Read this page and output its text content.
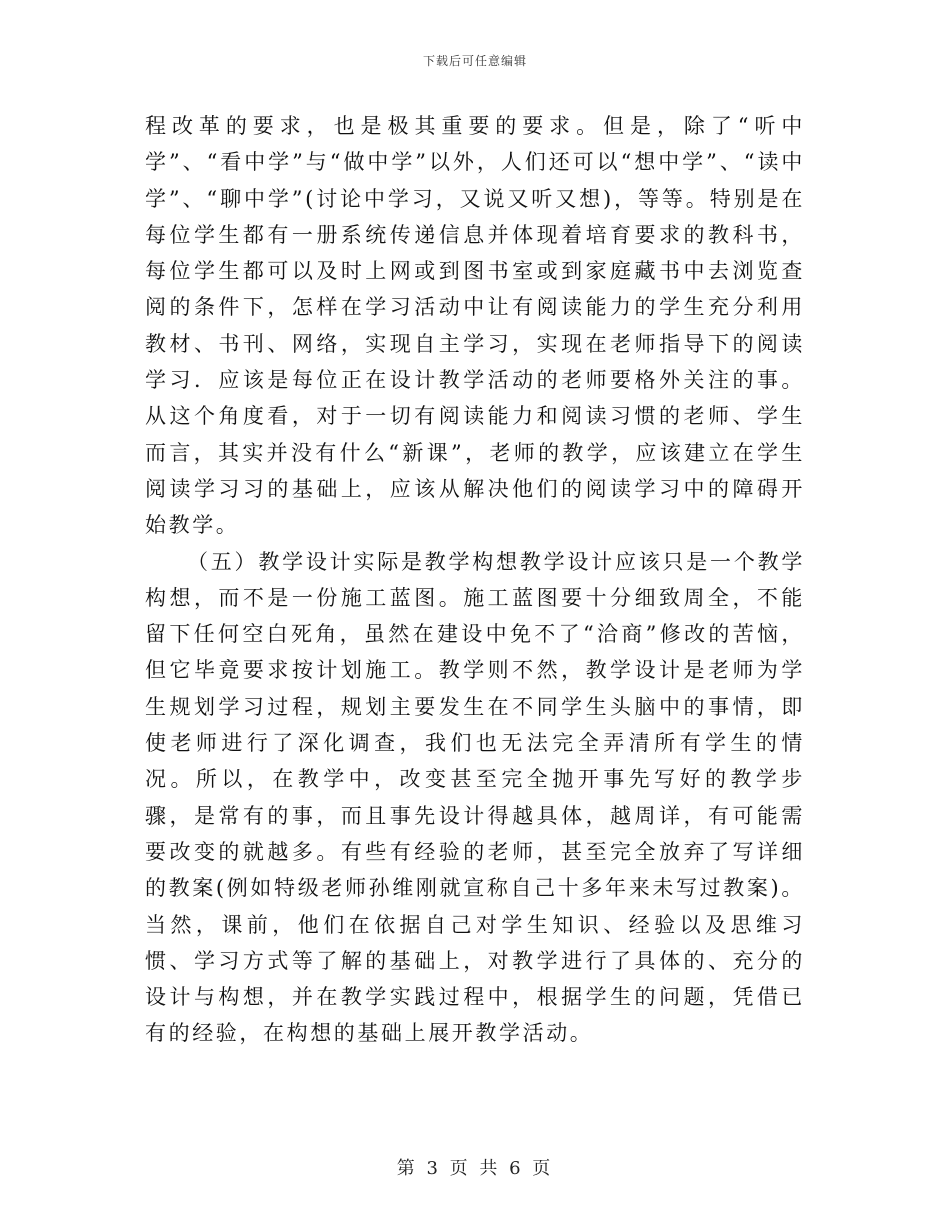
下载后可任意编辑

程改革的要求，也是极其重要的要求。但是，除了“听中学”、“看中学”与“做中学”以外，人们还可以“想中学”、“读中学”、“聊中学”(讨论中学习，又说又听又想)，等等。特别是在每位学生都有一册系统传递信息并体现着培育要求的教科书，每位学生都可以及时上网或到图书室或到家庭藏书中去浏览查阅的条件下，怎样在学习活动中让有阅读能力的学生充分利用教材、书刊、网络，实现自主学习，实现在老师指导下的阅读学习．应该是每位正在设计教学活动的老师要格外关注的事。从这个角度看，对于一切有阅读能力和阅读习惯的老师、学生而言，其实并没有什么“新课”，老师的教学，应该建立在学生阅读学习习的基础上，应该从解决他们的阅读学习中的障碍开始教学。

（五）教学设计实际是教学构想教学设计应该只是一个教学构想，而不是一份施工蓝图。施工蓝图要十分细致周全，不能留下任何空白死角，虽然在建设中免不了“洽商”修改的苦恼，但它毕竟要求按计划施工。教学则不然，教学设计是老师为学生规划学习过程，规划主要发生在不同学生头脑中的事情，即使老师进行了深化调查，我们也无法完全弄清所有学生的情况。所以，在教学中，改变甚至完全抛开事先写好的教学步骤，是常有的事，而且事先设计得越具体，越周详，有可能需要改变的就越多。有些有经验的老师，甚至完全放弃了写详细的教案(例如特级老师孙维刚就宣称自己十多年来未写过教案)。当然，课前，他们在依据自己对学生知识、经验以及思维习惯、学习方式等了解的基础上，对教学进行了具体的、充分的设计与构想，并在教学实践过程中，根据学生的问题，凭借已有的经验，在构想的基础上展开教学活动。

第 3 页 共 6 页
